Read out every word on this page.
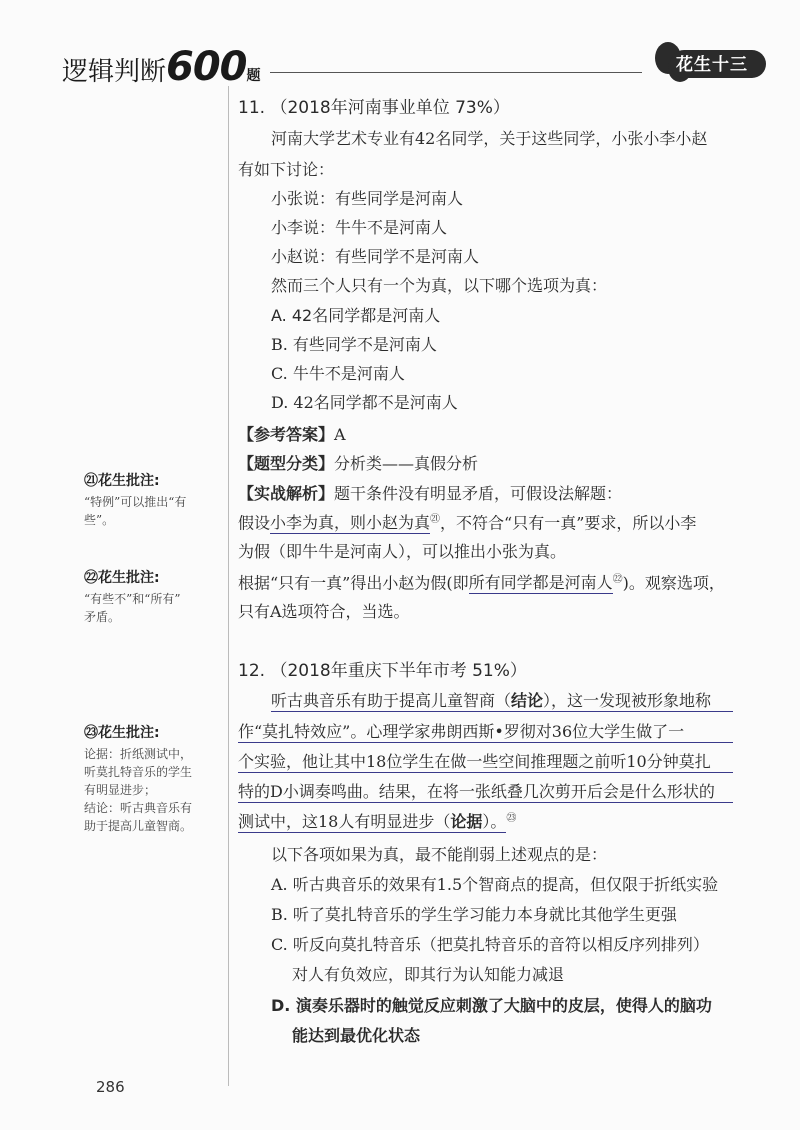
逻辑判断600题
花生十三
11. （2018年河南事业单位 73%）
河南大学艺术专业有42名同学，关于这些同学，小张小李小赵
有如下讨论：
小张说：有些同学是河南人
小李说：牛牛不是河南人
小赵说：有些同学不是河南人
然而三个人只有一个为真，以下哪个选项为真：
A. 42名同学都是河南人
B. 有些同学不是河南人
C. 牛牛不是河南人
D. 42名同学都不是河南人
【参考答案】A
【题型分类】分析类——真假分析
【实战解析】题干条件没有明显矛盾，可假设法解题：
假设小李为真，则小赵为真$^㉑$，不符合“只有一真”要求，所以小李
为假（即牛牛是河南人），可以推出小张为真。
根据“只有一真”得出小赵为假(即所有同学都是河南人$^㉒$)。观察选项，
只有A选项符合，当选。
12. （2018年重庆下半年市考 51%）
听古典音乐有助于提高儿童智商（结论），这一发现被形象地称
作“莫扎特效应”。心理学家弗朗西斯•罗彻对36位大学生做了一
个实验，他让其中18位学生在做一些空间推理题之前听10分钟莫扎
特的D小调奏鸣曲。结果，在将一张纸叠几次剪开后会是什么形状的
测试中，这18人有明显进步（论据）。$^㉓$
以下各项如果为真，最不能削弱上述观点的是：
A. 听古典音乐的效果有1.5个智商点的提高，但仅限于折纸实验
B. 听了莫扎特音乐的学生学习能力本身就比其他学生更强
C. 听反向莫扎特音乐（把莫扎特音乐的音符以相反序列排列）
对人有负效应，即其行为认知能力减退
D. 演奏乐器时的触觉反应刺激了大脑中的皮层，使得人的脑功
能达到最优化状态
㉑花生批注:
“特例”可以推出“有
些”。
㉒花生批注:
“有些不”和“所有”
矛盾。
㉓花生批注:
论据：折纸测试中，
听莫扎特音乐的学生
有明显进步；
结论：听古典音乐有
助于提高儿童智商。
286
